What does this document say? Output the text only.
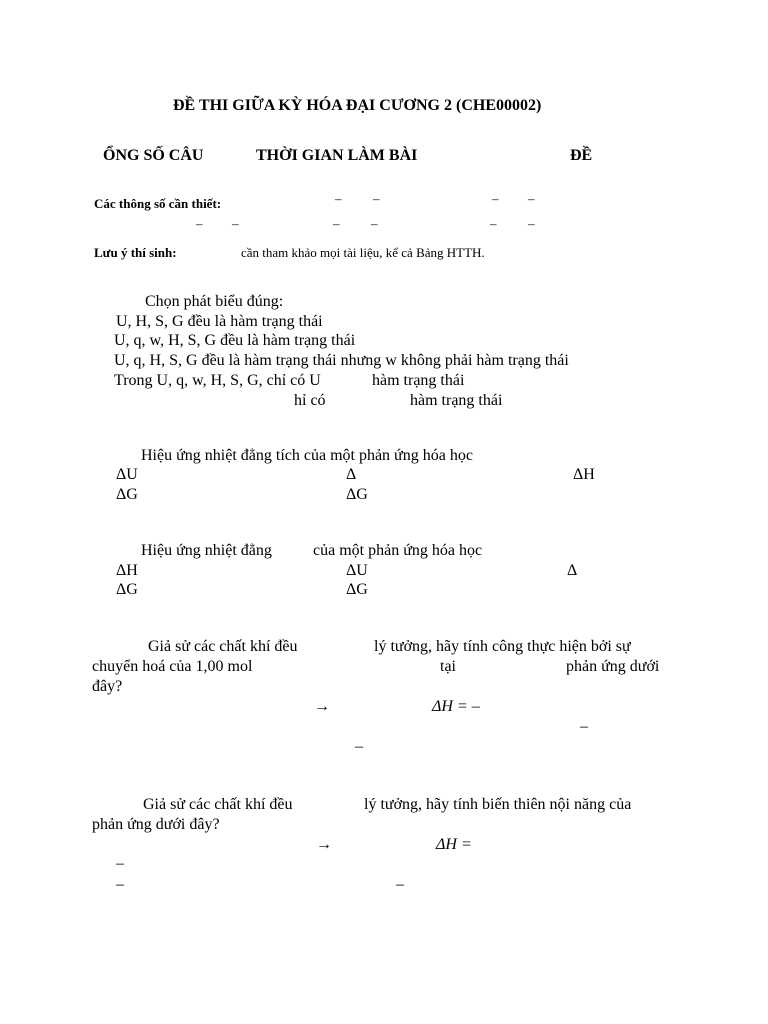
ĐỀ THI GIỮA KỲ HÓA ĐẠI CƯƠNG 2 (CHE00002)
ỔNG SỐ CÂU	THỜI GIAN LÀM BÀI	ĐỀ
Các thông số cần thiết:	– –	– –
– –	– –	– –
Lưu ý thí sinh:	cần tham khảo mọi tài liệu, kể cả Bảng HTTH.
Chọn phát biểu đúng:
U, H, S, G đều là hàm trạng thái
U, q, w, H, S, G đều là hàm trạng thái
U, q, H, S, G đều là hàm trạng thái nhưng w không phải hàm trạng thái
Trong U, q, w, H, S, G, chỉ có U	hàm trạng thái
hỉ có	hàm trạng thái
Hiệu ứng nhiệt đẳng tích của một phản ứng hóa học
ΔU	Δ	ΔH
ΔG	ΔG
Hiệu ứng nhiệt đẳng	của một phản ứng hóa học
ΔH	ΔU	Δ
ΔG	ΔG
Giả sử các chất khí đều	lý tưởng, hãy tính công thực hiện bởi sự
chuyển hoá của 1,00 mol	tại	phản ứng dưới
đây?
→	ΔH = –
–
–
Giả sử các chất khí đều	lý tưởng, hãy tính biến thiên nội năng của
phản ứng dưới đây?
→	ΔH =
–
–	–
